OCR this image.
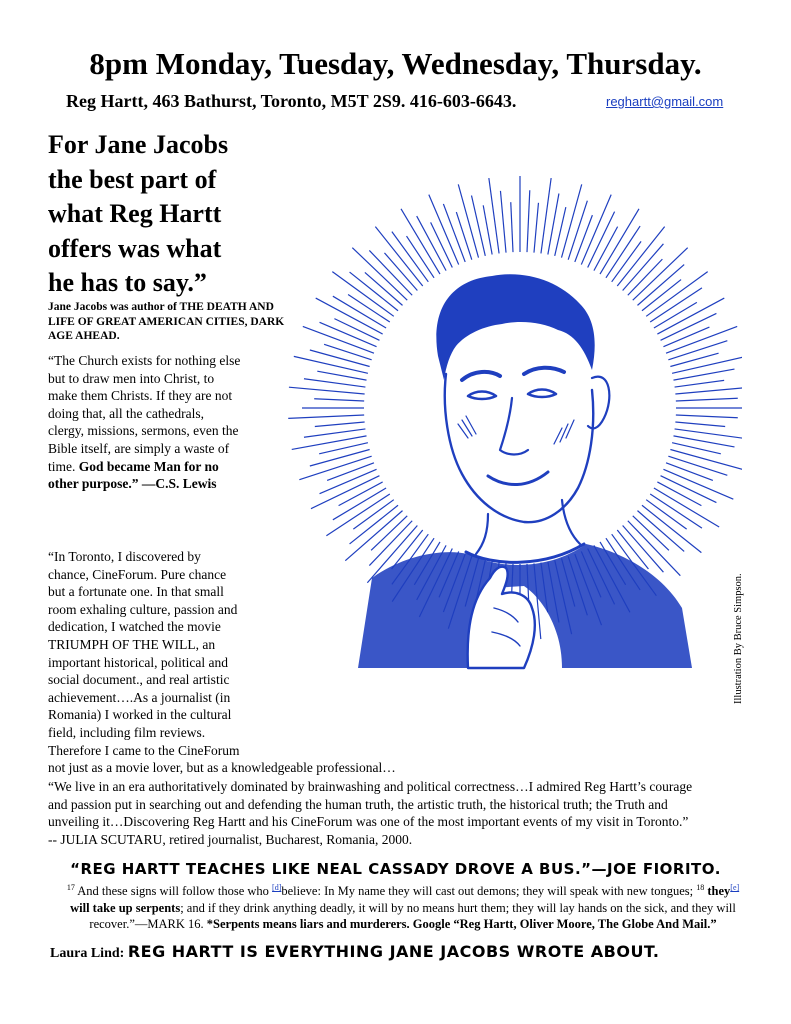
8pm Monday, Tuesday, Wednesday, Thursday.
Reg Hartt, 463 Bathurst, Toronto, M5T 2S9. 416-603-6643.	reghartt@gmail.com
For Jane Jacobs
the best part of
what Reg Hartt
offers was what
he has to say.”
Jane Jacobs was author of THE DEATH AND LIFE OF GREAT AMERICAN CITIES, DARK AGE AHEAD.
“The Church exists for nothing else
but to draw men into Christ, to
make them Christs. If they are not
doing that, all the cathedrals,
clergy, missions, sermons, even the
Bible itself, are simply a waste of
time. God became Man for no
other purpose.” —C.S. Lewis
“In Toronto, I discovered by
chance, CineForum. Pure chance
but a fortunate one. In that small
room exhaling culture, passion and
dedication, I watched the movie
TRIUMPH OF THE WILL, an
important historical, political and
social document., and real artistic
achievement….As a journalist (in
Romania) I worked in the cultural
field, including film reviews.
Therefore I came to the CineForum
not just as a movie lover, but as a knowledgeable professional…
“We live in an era authoritatively dominated by brainwashing and political correctness…I admired Reg Hartt’s courage
and passion put in searching out and defending the human truth, the artistic truth, the historical truth; the Truth and
unveiling it…Discovering Reg Hartt and his CineForum was one of the most important events of my visit in Toronto.”
-- JULIA SCUTARU, retired journalist, Bucharest, Romania, 2000.
Illustration By Bruce Simpson.
“REG HARTT TEACHES LIKE NEAL CASSADY DROVE A BUS.”—JOE FIORITO.
$^{17}$ And these signs will follow those who [d]believe: In My name they will cast out demons; they will speak with new tongues; $^{18}$ they[e]
will take up serpents; and if they drink anything deadly, it will by no means hurt them; they will lay hands on the sick, and they will
recover.”—MARK 16. *Serpents means liars and murderers. Google “Reg Hartt, Oliver Moore, The Globe And Mail.”
Laura Lind: REG HARTT IS EVERYTHING JANE JACOBS WROTE ABOUT.
